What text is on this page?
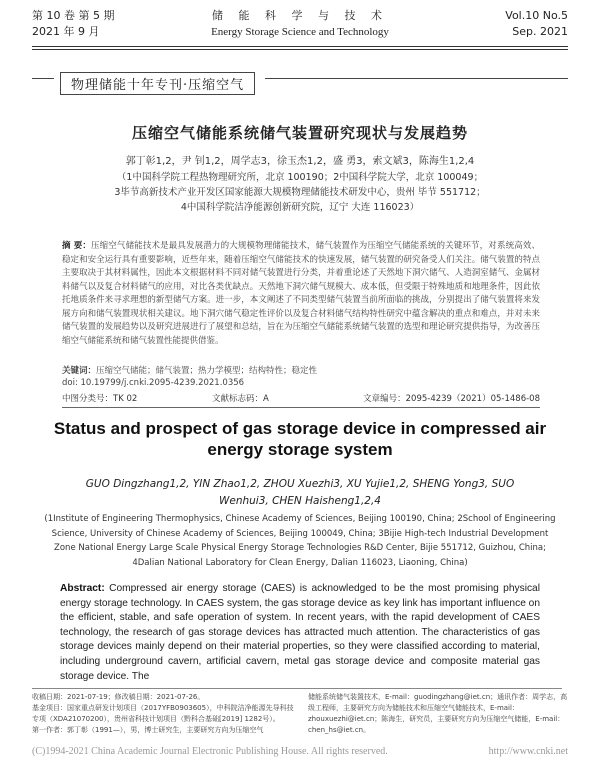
第 10 卷 第 5 期
2021 年 9 月
储 能 科 学 与 技 术
Energy Storage Science and Technology
Vol.10 No.5
Sep. 2021
物理储能十年专刊·压缩空气
压缩空气储能系统储气装置研究现状与发展趋势
郭丁彰1,2，尹 钊1,2，周学志3，徐玉杰1,2，盛 勇3，索文斌3，陈海生1,2,4
（1中国科学院工程热物理研究所，北京 100190；2中国科学院大学，北京 100049；
3毕节高新技术产业开发区国家能源大规模物理储能技术研发中心，贵州 毕节 551712；
4中国科学院洁净能源创新研究院，辽宁 大连 116023）
摘 要：压缩空气储能技术是最具发展潜力的大规模物理储能技术，储气装置作为压缩空气储能系统的关键环节，对系统高效、稳定和安全运行具有重要影响，近些年来，随着压缩空气储能技术的快速发展，储气装置的研究备受人们关注。储气装置的特点主要取决于其材料属性，因此本文根据材料不同对储气装置进行分类，并着重论述了天然地下洞穴储气、人造洞室储气、金属材料储气以及复合材料储气的应用，对比各类优缺点。天然地下洞穴储气规模大、成本低，但受限于特殊地质和地理条件，因此依托地质条件来寻求理想的新型储气方案。进一步，本文阐述了不同类型储气装置当前所面临的挑战，分别提出了储气装置将来发展方向和储气装置现状相关建议。地下洞穴储气稳定性评价以及复合材料储气结构特性研究中蕴含解决的重点和难点，并对未来储气装置的发展趋势以及研究进展进行了展望和总结，旨在为压缩空气储能系统储气装置的选型和理论研究提供指导，为改善压缩空气储能系统和储气装置性能提供借鉴。
关键词：压缩空气储能；储气装置；热力学模型；结构特性；稳定性
doi: 10.19799/j.cnki.2095-4239.2021.0356
中图分类号：TK 02	文献标志码：A	文章编号：2095-4239（2021）05-1486-08
Status and prospect of gas storage device in compressed air energy storage system
GUO Dingzhang1,2, YIN Zhao1,2, ZHOU Xuezhi3, XU Yujie1,2, SHENG Yong3, SUO Wenhui3, CHEN Haisheng1,2,4
(1Institute of Engineering Thermophysics, Chinese Academy of Sciences, Beijing 100190, China; 2School of Engineering Science, University of Chinese Academy of Sciences, Beijing 100049, China; 3Bijie High-tech Industrial Development Zone National Energy Large Scale Physical Energy Storage Technologies R&D Center, Bijie 551712, Guizhou, China; 4Dalian National Laboratory for Clean Energy, Dalian 116023, Liaoning, China)
Abstract: Compressed air energy storage (CAES) is acknowledged to be the most promising physical energy storage technology. In CAES system, the gas storage device as key link has important influence on the efficient, stable, and safe operation of system. In recent years, with the rapid development of CAES technology, the research of gas storage devices has attracted much attention. The characteristics of gas storage devices mainly depend on their material properties, so they were classified according to material, including underground cavern, artificial cavern, metal gas storage device and composite material gas storage device. The
收稿日期：2021-07-19；修改稿日期：2021-07-26。
基金项目：国家重点研发计划项目（2017YFB0903605），中科院洁净能源先导科技专项（XDA21070200），贵州省科技计划项目（黔科合基础[2019] 1282号）。
第一作者：郭丁彰（1991—），男，博士研究生，主要研究方向为压缩空气
储能系统储气装置技术，E-mail：guodingzhang@iet.cn；通讯作者：周学志，高级工程师，主要研究方向为储能技术和压缩空气储能技术，E-mail：zhouxuezhi@iet.cn；陈海生，研究员，主要研究方向为压缩空气储能，E-mail：chen_hs@iet.cn。
(C)1994-2021 China Academic Journal Electronic Publishing House. All rights reserved.	http://www.cnki.net
